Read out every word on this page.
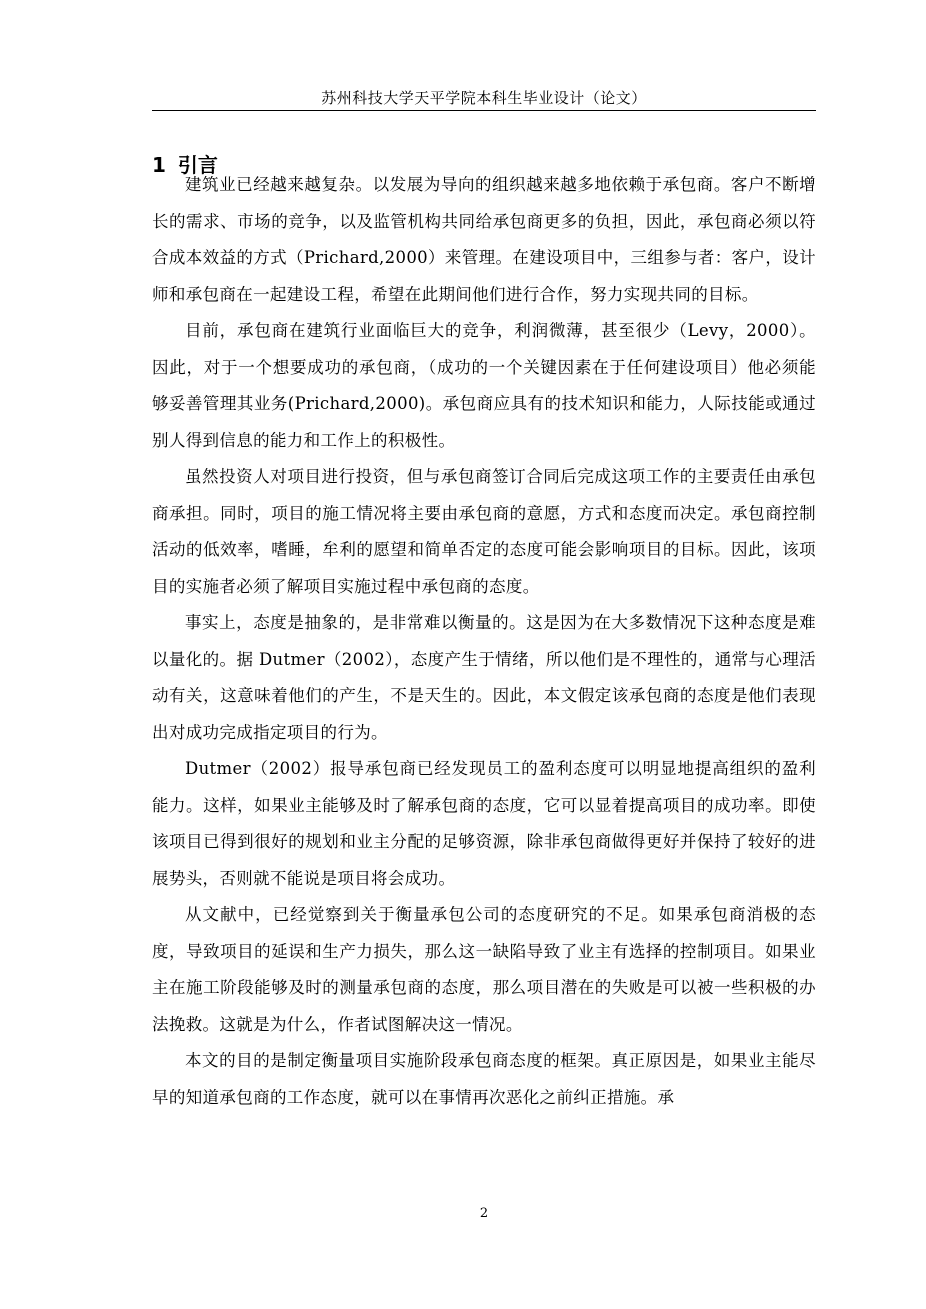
苏州科技大学天平学院本科生毕业设计（论文）
1 引言

建筑业已经越来越复杂。以发展为导向的组织越来越多地依赖于承包商。客户不断增长的需求、市场的竞争，以及监管机构共同给承包商更多的负担，因此，承包商必须以符合成本效益的方式（Prichard,2000）来管理。在建设项目中，三组参与者：客户，设计师和承包商在一起建设工程，希望在此期间他们进行合作，努力实现共同的目标。

目前，承包商在建筑行业面临巨大的竞争，利润微薄，甚至很少（Levy，2000）。因此，对于一个想要成功的承包商，（成功的一个关键因素在于任何建设项目）他必须能够妥善管理其业务(Prichard,2000)。承包商应具有的技术知识和能力，人际技能或通过别人得到信息的能力和工作上的积极性。

虽然投资人对项目进行投资，但与承包商签订合同后完成这项工作的主要责任由承包商承担。同时，项目的施工情况将主要由承包商的意愿，方式和态度而决定。承包商控制活动的低效率，嗜睡，牟利的愿望和简单否定的态度可能会影响项目的目标。因此，该项目的实施者必须了解项目实施过程中承包商的态度。

事实上，态度是抽象的，是非常难以衡量的。这是因为在大多数情况下这种态度是难以量化的。据 Dutmer（2002），态度产生于情绪，所以他们是不理性的，通常与心理活动有关，这意味着他们的产生，不是天生的。因此，本文假定该承包商的态度是他们表现出对成功完成指定项目的行为。

Dutmer（2002）报导承包商已经发现员工的盈利态度可以明显地提高组织的盈利能力。这样，如果业主能够及时了解承包商的态度，它可以显着提高项目的成功率。即使该项目已得到很好的规划和业主分配的足够资源，除非承包商做得更好并保持了较好的进展势头，否则就不能说是项目将会成功。

从文献中，已经觉察到关于衡量承包公司的态度研究的不足。如果承包商消极的态度，导致项目的延误和生产力损失，那么这一缺陷导致了业主有选择的控制项目。如果业主在施工阶段能够及时的测量承包商的态度，那么项目潜在的失败是可以被一些积极的办法挽救。这就是为什么，作者试图解决这一情况。

本文的目的是制定衡量项目实施阶段承包商态度的框架。真正原因是，如果业主能尽早的知道承包商的工作态度，就可以在事情再次恶化之前纠正措施。承

2
